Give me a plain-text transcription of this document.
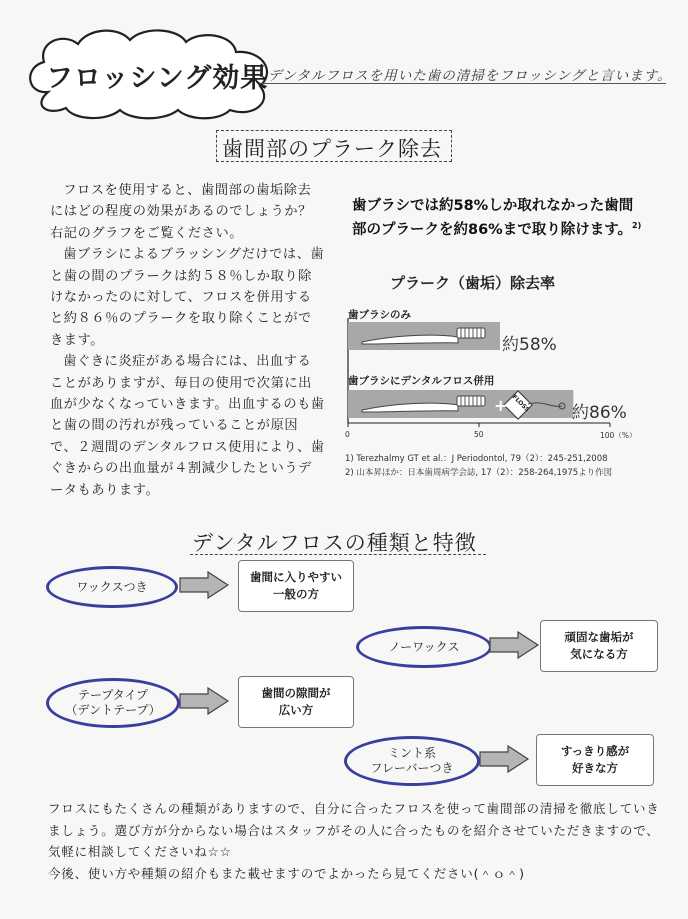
フロッシング効果 デンタルフロスを用いた歯の清掃をフロッシングと言います。
歯間部のプラーク除去

フロスを使用すると、歯間部の歯垢除去にはどの程度の効果があるのでしょうか？右記のグラフをご覧ください。

歯ブラシによるブラッシングだけでは、歯と歯の間のプラークは約５８％しか取り除けなかったのに対して、フロスを併用すると約８６％のプラークを取り除くことができます。

歯ぐきに炎症がある場合には、出血することがありますが、毎日の使用で次第に出血が少なくなっていきます。出血するのも歯と歯の間の汚れが残っていることが原因で、２週間のデンタルフロス使用により、歯ぐきからの出血量が４割減少したというデータもあります。

歯ブラシでは約58%しか取れなかった歯間部のプラークを約86%まで取り除けます。$^{2)}$
プラーク（歯垢）除去率
歯ブラシのみ
歯ブラシにデンタルフロス併用
+ FLOSS
約58%
約86%
0	50	100（%）
1) Terezhalmy GT et al.：J Periodontol, 79（2）：245-251,2008
2) 山本昇ほか：日本歯周病学会誌, 17（2）：258-264,1975より作図
デンタルフロスの種類と特徴
ワックスつき
歯間に入りやすい
一般の方
ノーワックス
頑固な歯垢が
気になる方
テープタイプ
（デントテープ）
歯間の隙間が
広い方
ミント系
フレーバーつき
すっきり感が
好きな方
フロスにもたくさんの種類がありますので、自分に合ったフロスを使って歯間部の清掃を徹底していきましょう。選び方が分からない場合はスタッフがその人に合ったものを紹介させていただきますので、気軽に相談してくださいね☆☆
今後、使い方や種類の紹介もまた載せますのでよかったら見てください(＾ｏ＾)
